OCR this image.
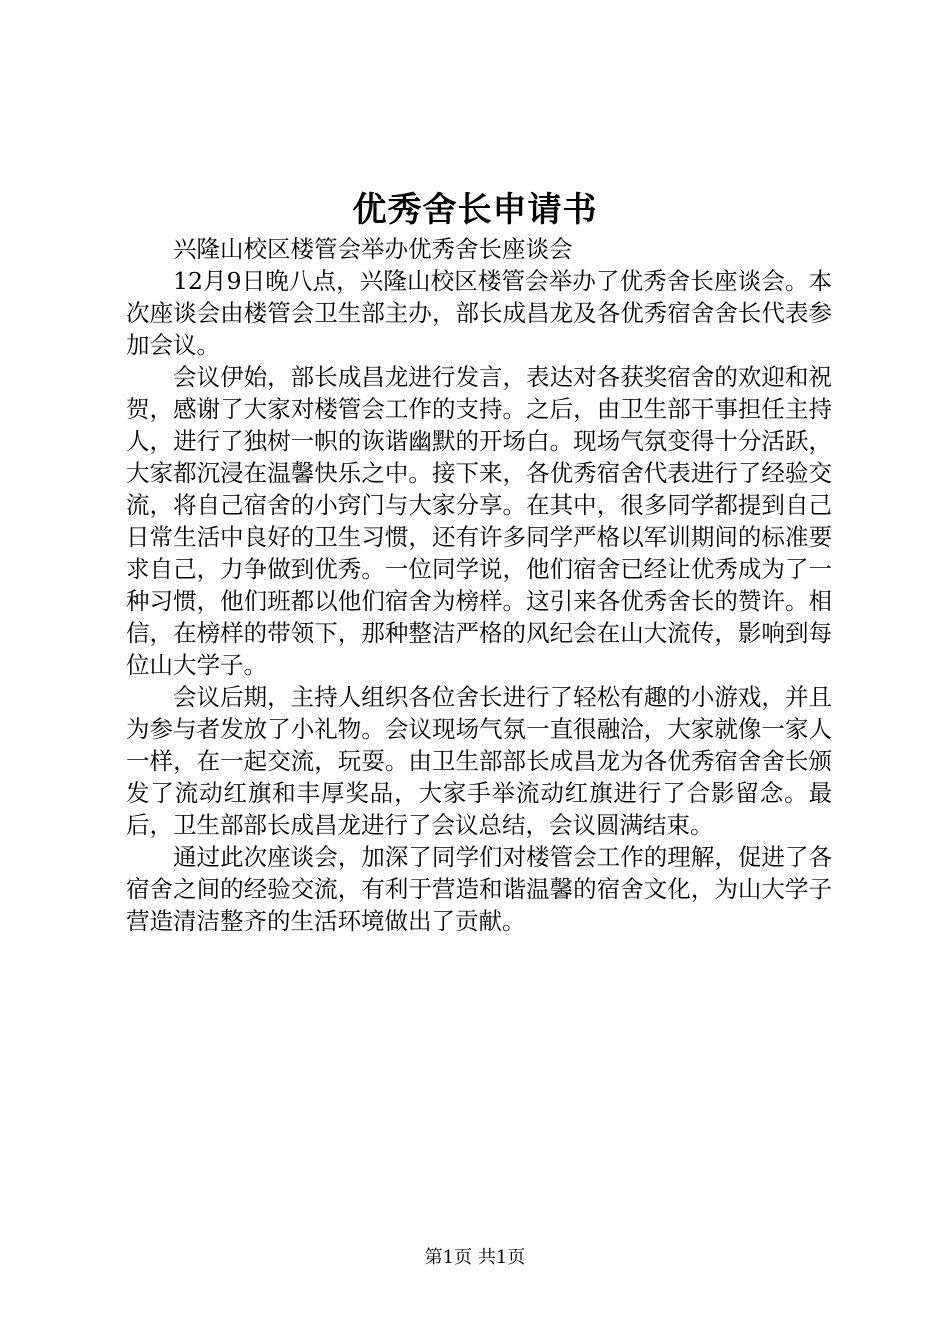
优秀舍长申请书

兴隆山校区楼管会举办优秀舍长座谈会

12月9日晚八点，兴隆山校区楼管会举办了优秀舍长座谈会。本次座谈会由楼管会卫生部主办，部长成昌龙及各优秀宿舍舍长代表参加会议。

会议伊始，部长成昌龙进行发言，表达对各获奖宿舍的欢迎和祝贺，感谢了大家对楼管会工作的支持。之后，由卫生部干事担任主持人，进行了独树一帜的诙谐幽默的开场白。现场气氛变得十分活跃，大家都沉浸在温馨快乐之中。接下来，各优秀宿舍代表进行了经验交流，将自己宿舍的小窍门与大家分享。在其中，很多同学都提到自己日常生活中良好的卫生习惯，还有许多同学严格以军训期间的标准要求自己，力争做到优秀。一位同学说，他们宿舍已经让优秀成为了一种习惯，他们班都以他们宿舍为榜样。这引来各优秀舍长的赞许。相信，在榜样的带领下，那种整洁严格的风纪会在山大流传，影响到每位山大学子。

会议后期，主持人组织各位舍长进行了轻松有趣的小游戏，并且为参与者发放了小礼物。会议现场气氛一直很融洽，大家就像一家人一样，在一起交流，玩耍。由卫生部部长成昌龙为各优秀宿舍舍长颁发了流动红旗和丰厚奖品，大家手举流动红旗进行了合影留念。最后，卫生部部长成昌龙进行了会议总结，会议圆满结束。

通过此次座谈会，加深了同学们对楼管会工作的理解，促进了各宿舍之间的经验交流，有利于营造和谐温馨的宿舍文化，为山大学子营造清洁整齐的生活环境做出了贡献。

第1页 共1页
